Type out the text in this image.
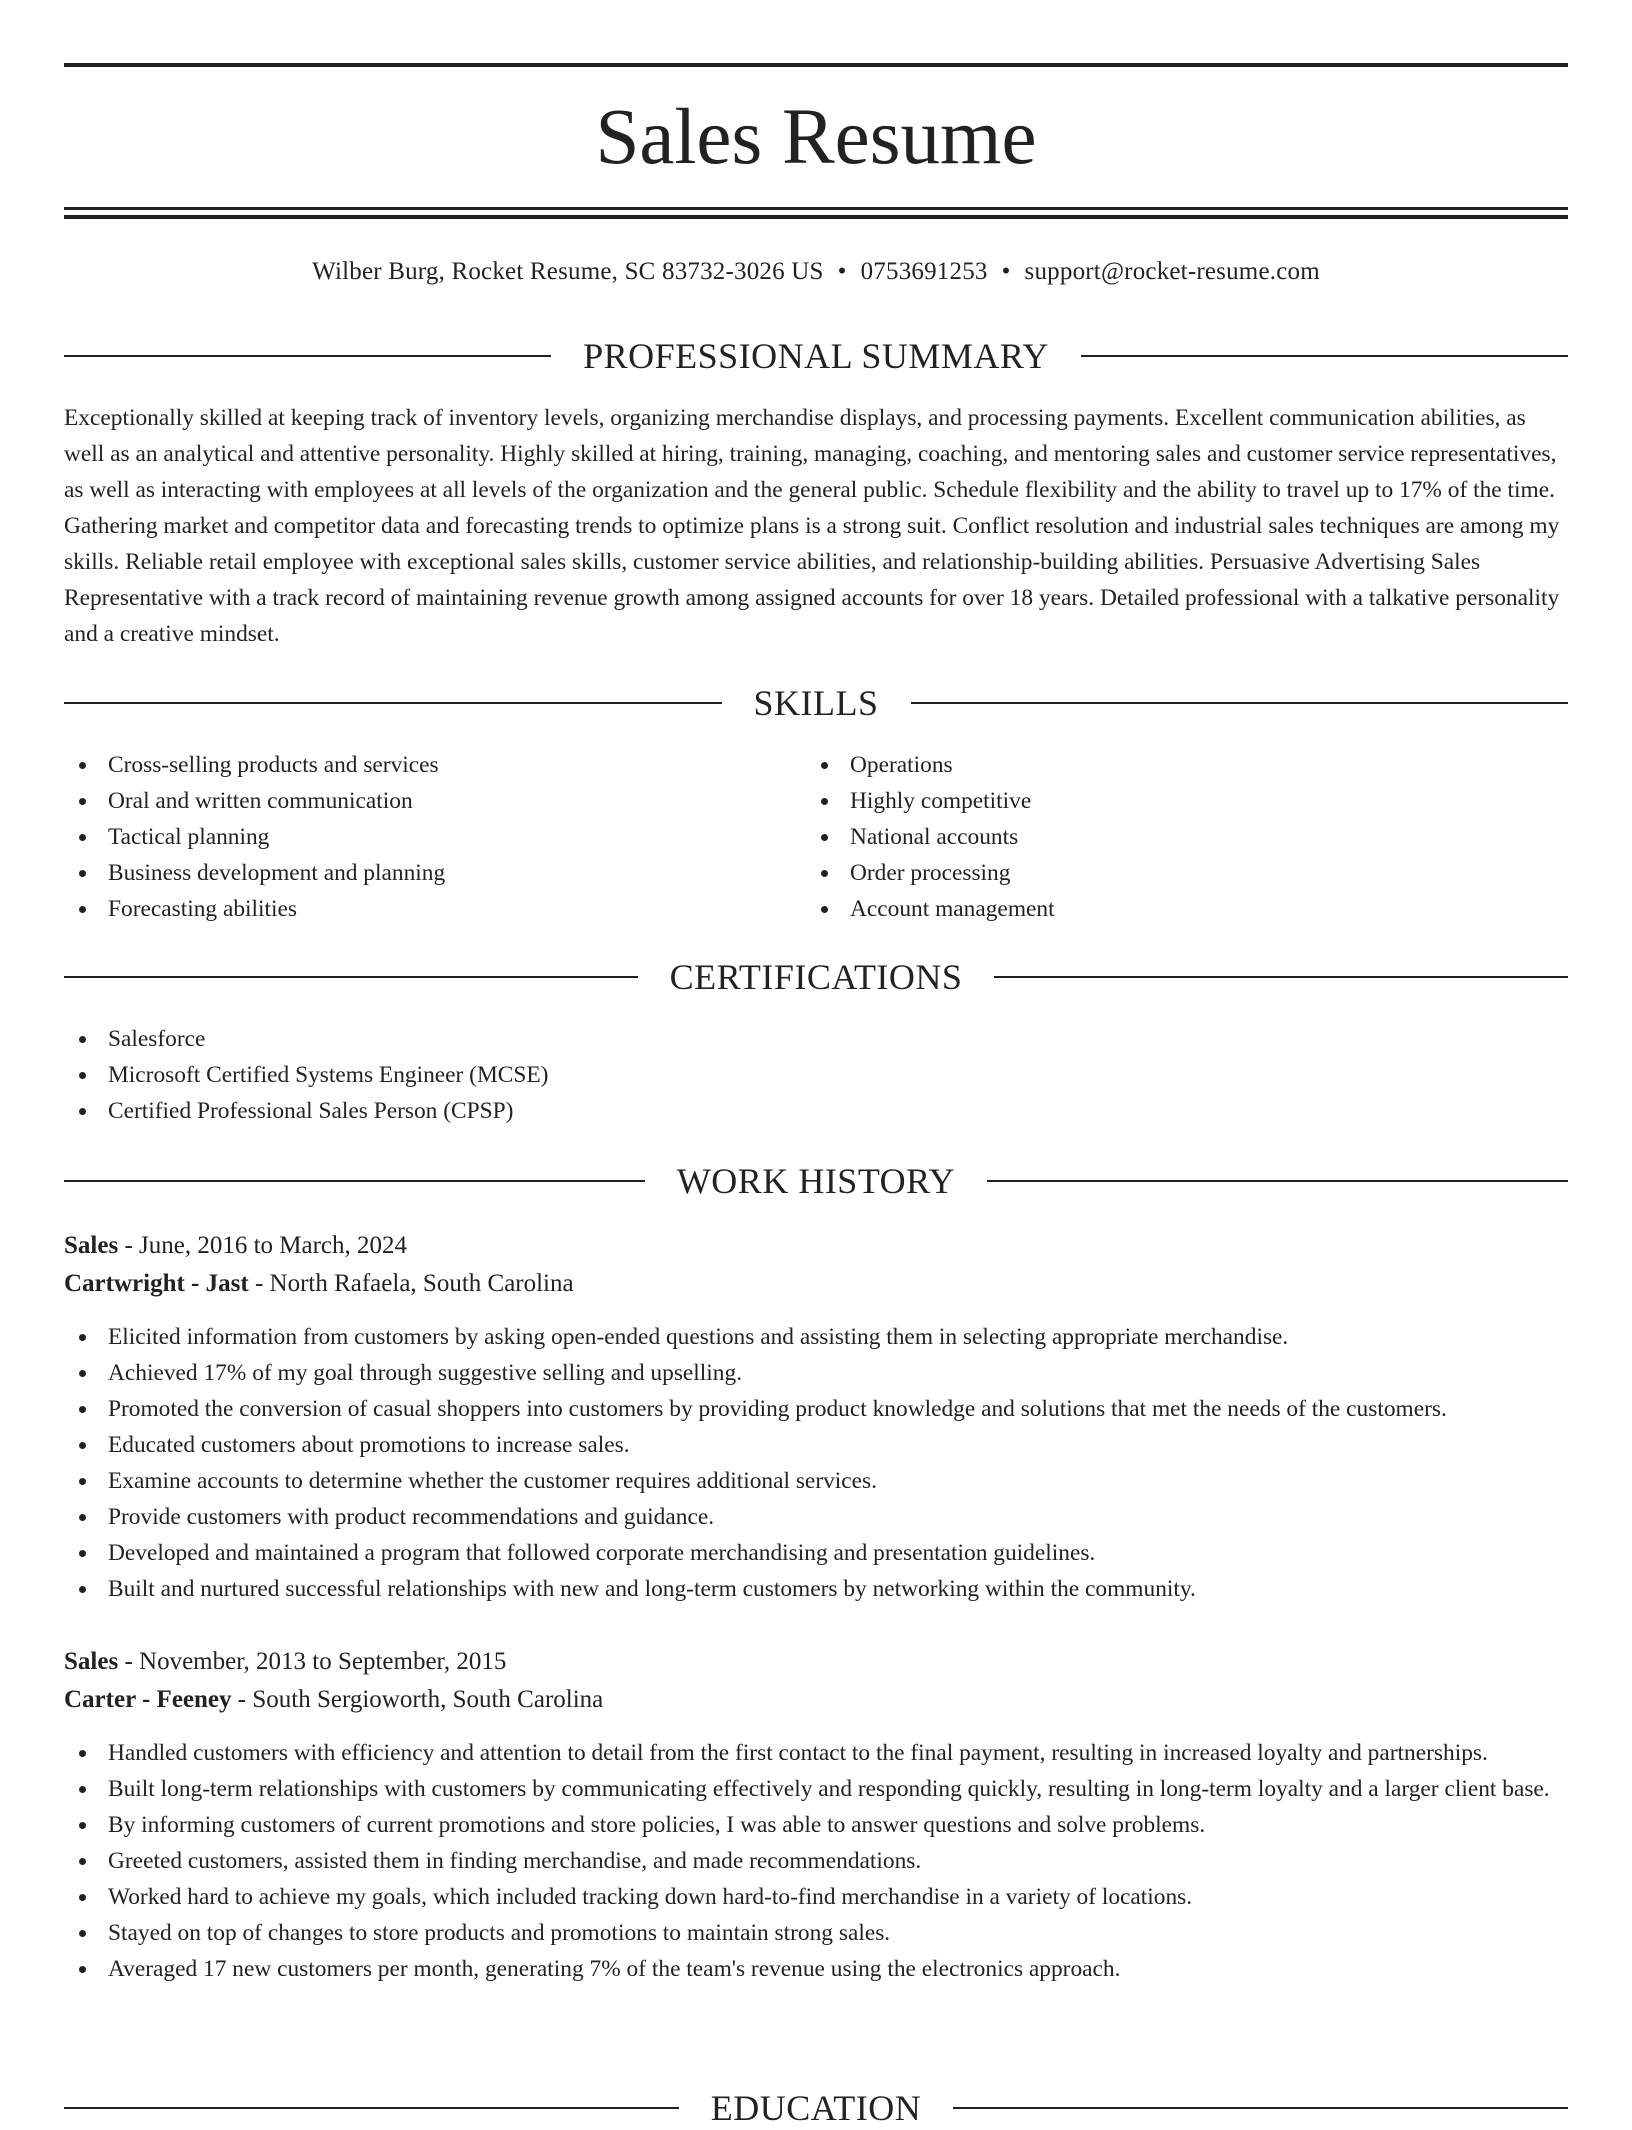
Sales Resume
Wilber Burg, Rocket Resume, SC 83732-3026 US • 0753691253 • support@rocket-resume.com
PROFESSIONAL SUMMARY

Exceptionally skilled at keeping track of inventory levels, organizing merchandise displays, and processing payments. Excellent communication abilities, as well as an analytical and attentive personality. Highly skilled at hiring, training, managing, coaching, and mentoring sales and customer service representatives, as well as interacting with employees at all levels of the organization and the general public. Schedule flexibility and the ability to travel up to 17% of the time. Gathering market and competitor data and forecasting trends to optimize plans is a strong suit. Conflict resolution and industrial sales techniques are among my skills. Reliable retail employee with exceptional sales skills, customer service abilities, and relationship-building abilities. Persuasive Advertising Sales Representative with a track record of maintaining revenue growth among assigned accounts for over 18 years. Detailed professional with a talkative personality and a creative mindset.

SKILLS
Cross-selling products and services
Oral and written communication
Tactical planning
Business development and planning
Forecasting abilities
Operations
Highly competitive
National accounts
Order processing
Account management
CERTIFICATIONS
Salesforce
Microsoft Certified Systems Engineer (MCSE)
Certified Professional Sales Person (CPSP)
WORK HISTORY
Sales - June, 2016 to March, 2024
Cartwright - Jast - North Rafaela, South Carolina
Elicited information from customers by asking open-ended questions and assisting them in selecting appropriate merchandise.
Achieved 17% of my goal through suggestive selling and upselling.
Promoted the conversion of casual shoppers into customers by providing product knowledge and solutions that met the needs of the customers.
Educated customers about promotions to increase sales.
Examine accounts to determine whether the customer requires additional services.
Provide customers with product recommendations and guidance.
Developed and maintained a program that followed corporate merchandising and presentation guidelines.
Built and nurtured successful relationships with new and long-term customers by networking within the community.
Sales - November, 2013 to September, 2015
Carter - Feeney - South Sergioworth, South Carolina
Handled customers with efficiency and attention to detail from the first contact to the final payment, resulting in increased loyalty and partnerships.
Built long-term relationships with customers by communicating effectively and responding quickly, resulting in long-term loyalty and a larger client base.
By informing customers of current promotions and store policies, I was able to answer questions and solve problems.
Greeted customers, assisted them in finding merchandise, and made recommendations.
Worked hard to achieve my goals, which included tracking down hard-to-find merchandise in a variety of locations.
Stayed on top of changes to store products and promotions to maintain strong sales.
Averaged 17 new customers per month, generating 7% of the team's revenue using the electronics approach.
EDUCATION
